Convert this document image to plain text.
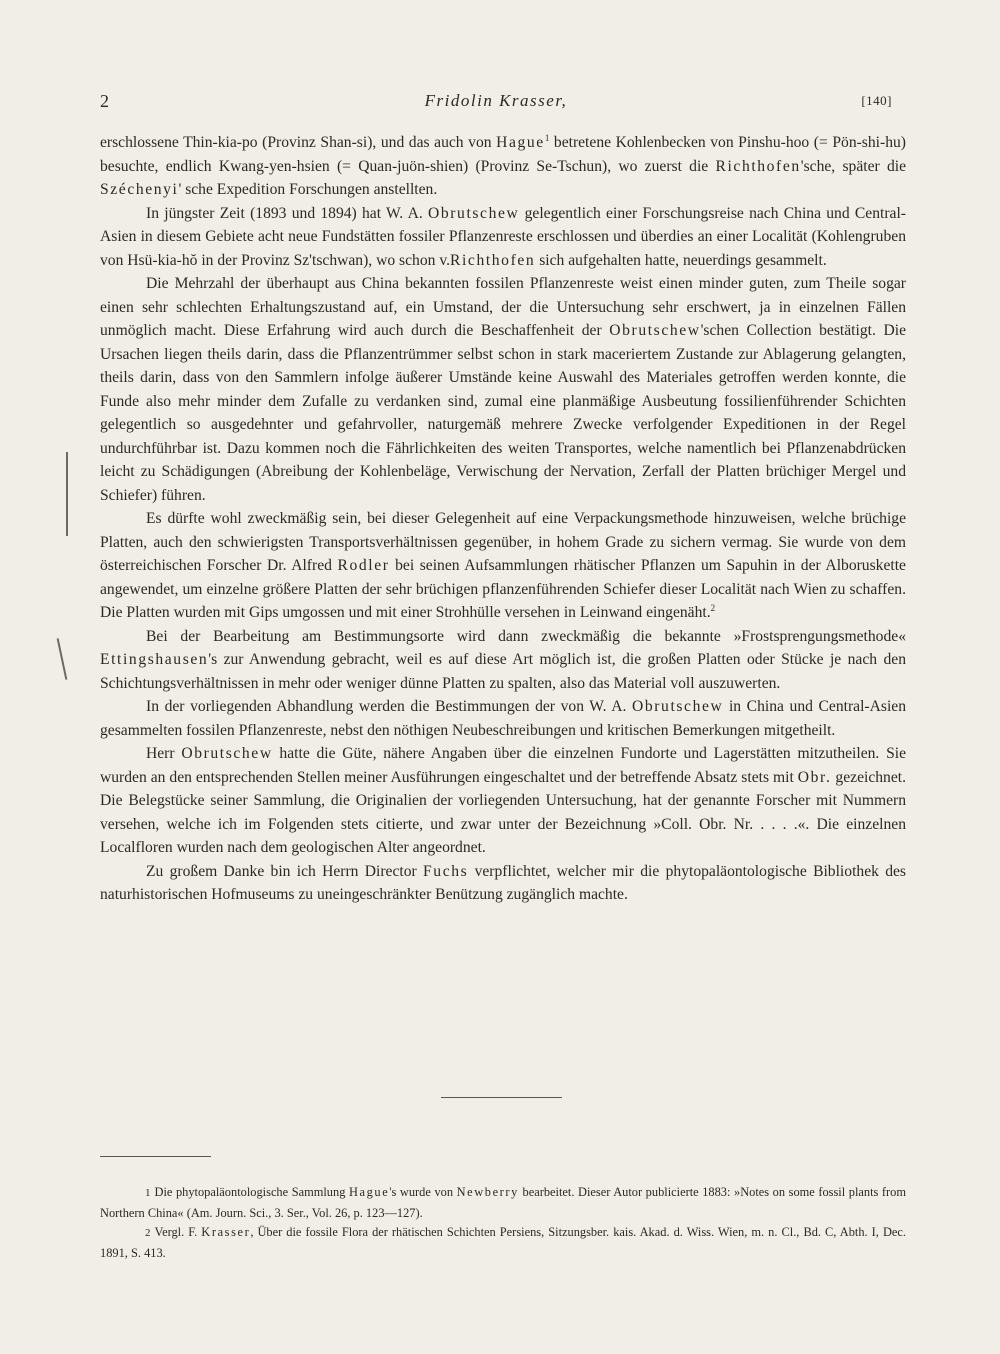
2	Fridolin Krasser,	[140]

erschlossene Thin-kia-po (Provinz Shan-si), und das auch von Hague$^1$ betretene Kohlenbecken von Pinshu-hoo (= Pön-shi-hu) besuchte, endlich Kwang-yen-hsien (= Quan-juön-shien) (Provinz Se-Tschun), wo zuerst die Richthofen'sche, später die Széchenyi' sche Expedition Forschungen anstellten.

In jüngster Zeit (1893 und 1894) hat W. A. Obrutschew gelegentlich einer Forschungsreise nach China und Central-Asien in diesem Gebiete acht neue Fundstätten fossiler Pflanzenreste erschlossen und überdies an einer Localität (Kohlengruben von Hsü-kia-hŏ in der Provinz Sz'tschwan), wo schon v.Richthofen sich aufgehalten hatte, neuerdings gesammelt.

Die Mehrzahl der überhaupt aus China bekannten fossilen Pflanzenreste weist einen minder guten, zum Theile sogar einen sehr schlechten Erhaltungszustand auf, ein Umstand, der die Untersuchung sehr erschwert, ja in einzelnen Fällen unmöglich macht. Diese Erfahrung wird auch durch die Beschaffenheit der Obrutschew'schen Collection bestätigt. Die Ursachen liegen theils darin, dass die Pflanzentrümmer selbst schon in stark maceriertem Zustande zur Ablagerung gelangten, theils darin, dass von den Sammlern infolge äußerer Umstände keine Auswahl des Materiales getroffen werden konnte, die Funde also mehr minder dem Zufalle zu verdanken sind, zumal eine planmäßige Ausbeutung fossilienführender Schichten gelegentlich so ausgedehnter und gefahrvoller, naturgemäß mehrere Zwecke verfolgender Expeditionen in der Regel undurchführbar ist. Dazu kommen noch die Fährlichkeiten des weiten Transportes, welche namentlich bei Pflanzenabdrücken leicht zu Schädigungen (Abreibung der Kohlenbeläge, Verwischung der Nervation, Zerfall der Platten brüchiger Mergel und Schiefer) führen.

Es dürfte wohl zweckmäßig sein, bei dieser Gelegenheit auf eine Verpackungsmethode hinzuweisen, welche brüchige Platten, auch den schwierigsten Transportsverhältnissen gegenüber, in hohem Grade zu sichern vermag. Sie wurde von dem österreichischen Forscher Dr. Alfred Rodler bei seinen Aufsammlungen rhätischer Pflanzen um Sapuhin in der Alboruskette angewendet, um einzelne größere Platten der sehr brüchigen pflanzenführenden Schiefer dieser Localität nach Wien zu schaffen. Die Platten wurden mit Gips umgossen und mit einer Strohhülle versehen in Leinwand eingenäht.$^2$

Bei der Bearbeitung am Bestimmungsorte wird dann zweckmäßig die bekannte »Frostsprengungsmethode« Ettingshausen's zur Anwendung gebracht, weil es auf diese Art möglich ist, die großen Platten oder Stücke je nach den Schichtungsverhältnissen in mehr oder weniger dünne Platten zu spalten, also das Material voll auszuwerten.

In der vorliegenden Abhandlung werden die Bestimmungen der von W. A. Obrutschew in China und Central-Asien gesammelten fossilen Pflanzenreste, nebst den nöthigen Neubeschreibungen und kritischen Bemerkungen mitgetheilt.

Herr Obrutschew hatte die Güte, nähere Angaben über die einzelnen Fundorte und Lagerstätten mitzutheilen. Sie wurden an den entsprechenden Stellen meiner Ausführungen eingeschaltet und der betreffende Absatz stets mit Obr. gezeichnet. Die Belegstücke seiner Sammlung, die Originalien der vorliegenden Untersuchung, hat der genannte Forscher mit Nummern versehen, welche ich im Folgenden stets citierte, und zwar unter der Bezeichnung »Coll. Obr. Nr. . . . .«. Die einzelnen Localfloren wurden nach dem geologischen Alter angeordnet.

Zu großem Danke bin ich Herrn Director Fuchs verpflichtet, welcher mir die phytopaläontologische Bibliothek des naturhistorischen Hofmuseums zu uneingeschränkter Benützung zugänglich machte.

1 Die phytopaläontologische Sammlung Hague's wurde von Newberry bearbeitet. Dieser Autor publicierte 1883: »Notes on some fossil plants from Northern China« (Am. Journ. Sci., 3. Ser., Vol. 26, p. 123—127).

2 Vergl. F. Krasser, Über die fossile Flora der rhätischen Schichten Persiens, Sitzungsber. kais. Akad. d. Wiss. Wien, m. n. Cl., Bd. C, Abth. I, Dec. 1891, S. 413.
